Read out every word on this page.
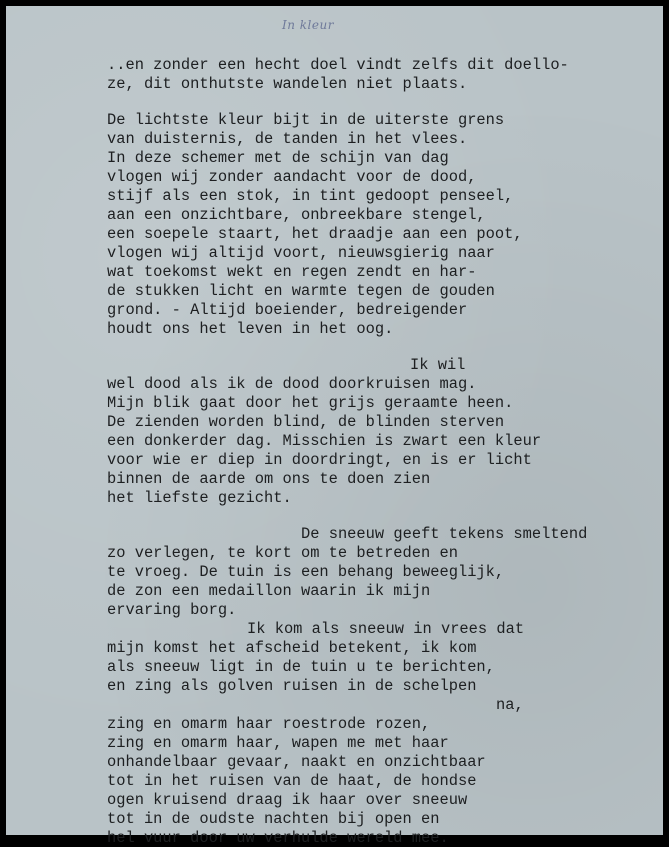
In kleur

..en zonder een hecht doel vindt zelfs dit doello-

ze, dit onthutste wandelen niet plaats.

De lichtste kleur bijt in de uiterste grens

van duisternis, de tanden in het vlees.

In deze schemer met de schijn van dag

vlogen wij zonder aandacht voor de dood,

stijf als een stok, in tint gedoopt penseel,

aan een onzichtbare, onbreekbare stengel,

een soepele staart, het draadje aan een poot,

vlogen wij altijd voort, nieuwsgierig naar

wat toekomst wekt en regen zendt en har-

de stukken licht en warmte tegen de gouden

grond. - Altijd boeiender, bedreigender

houdt ons het leven in het oog.

Ik wil

wel dood als ik de dood doorkruisen mag.

Mijn blik gaat door het grijs geraamte heen.

De zienden worden blind, de blinden sterven

een donkerder dag. Misschien is zwart een kleur

voor wie er diep in doordringt, en is er licht

binnen de aarde om ons te doen zien

het liefste gezicht.

De sneeuw geeft tekens smeltend

zo verlegen, te kort om te betreden en

te vroeg. De tuin is een behang beweeglijk,

de zon een medaillon waarin ik mijn

ervaring borg.

Ik kom als sneeuw in vrees dat

mijn komst het afscheid betekent, ik kom

als sneeuw ligt in de tuin u te berichten,

en zing als golven ruisen in de schelpen

na,

zing en omarm haar roestrode rozen,

zing en omarm haar, wapen me met haar

onhandelbaar gevaar, naakt en onzichtbaar

tot in het ruisen van de haat, de hondse

ogen kruisend draag ik haar over sneeuw

tot in de oudste nachten bij open en

hel vuur door uw verhulde wereld mee.
